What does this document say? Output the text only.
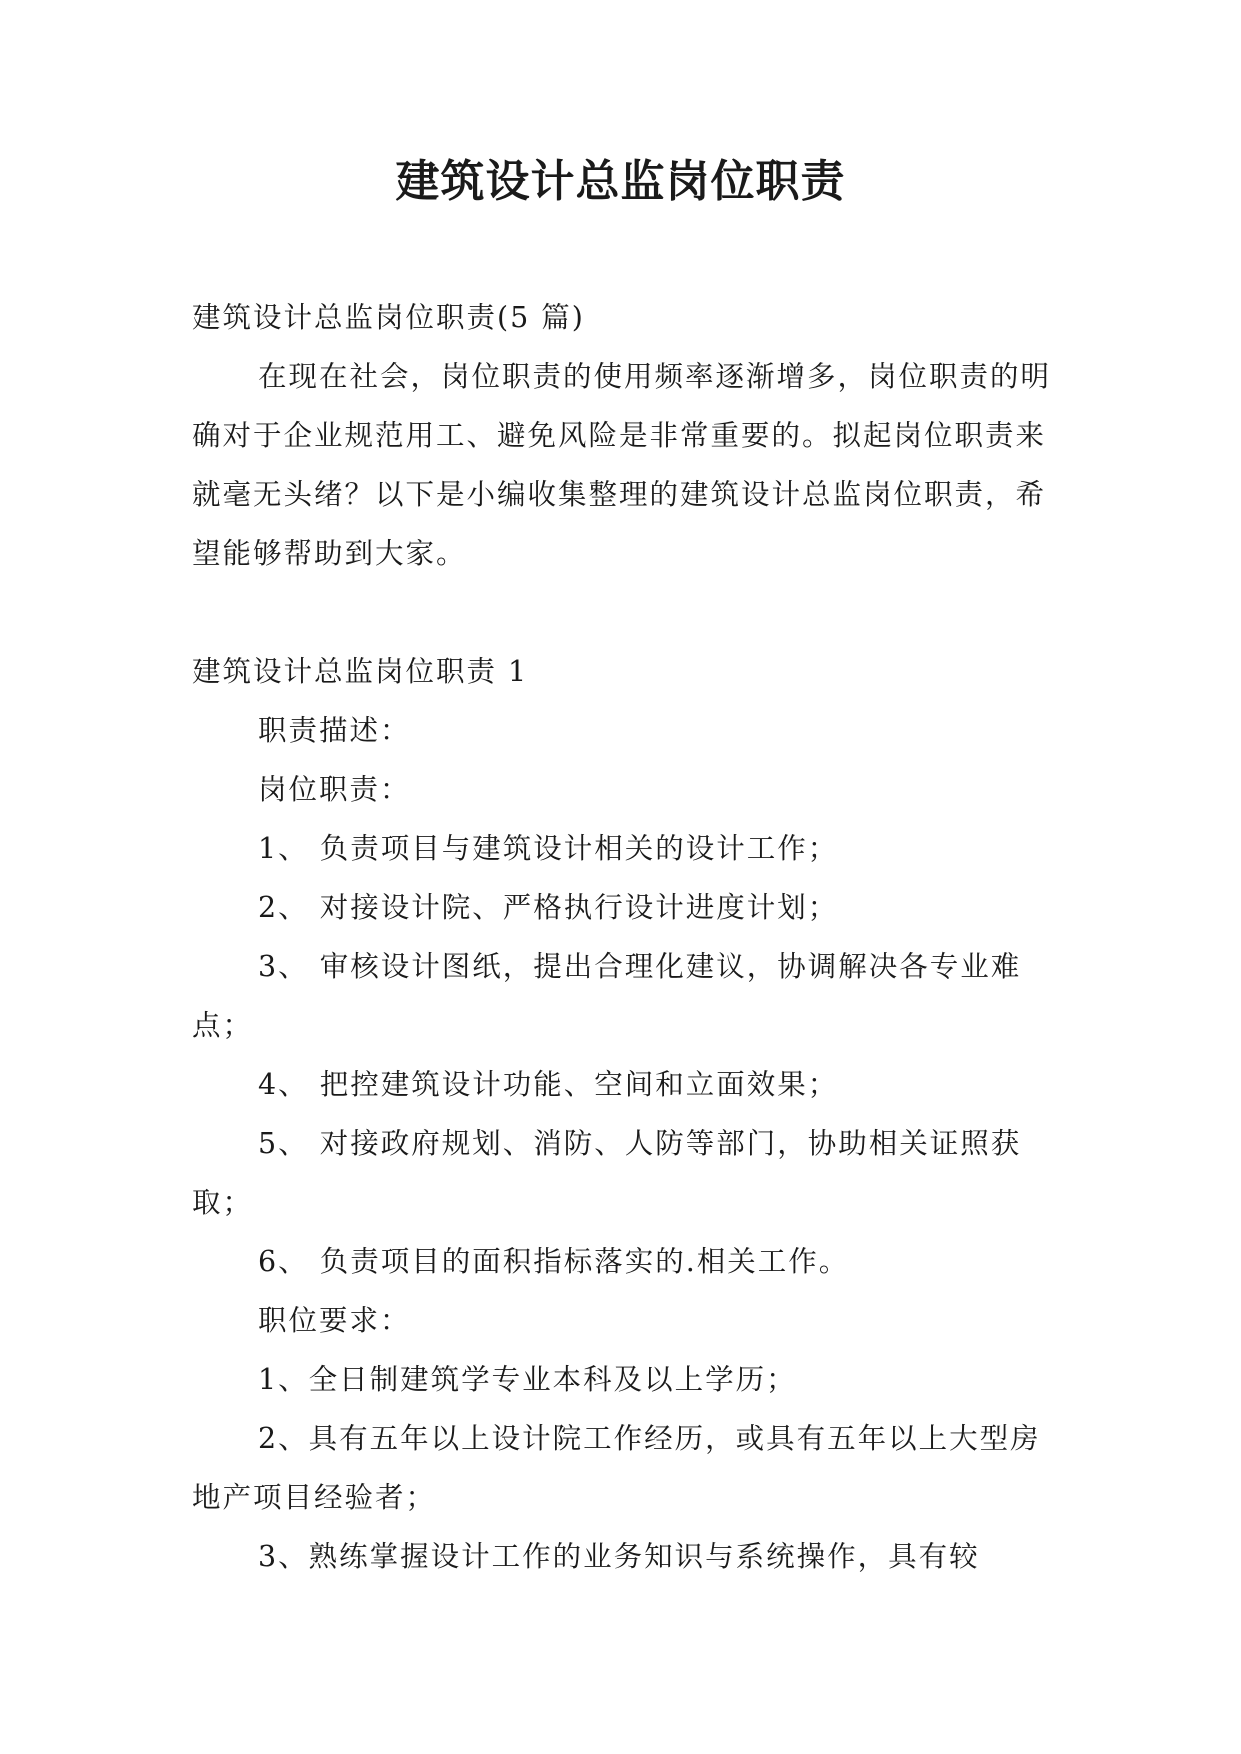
建筑设计总监岗位职责

建筑设计总监岗位职责(5 篇)

在现在社会，岗位职责的使用频率逐渐增多，岗位职责的明确对于企业规范用工、避免风险是非常重要的。拟起岗位职责来就毫无头绪？以下是小编收集整理的建筑设计总监岗位职责，希望能够帮助到大家。

建筑设计总监岗位职责 1

职责描述：

岗位职责：

1、 负责项目与建筑设计相关的设计工作；

2、 对接设计院、严格执行设计进度计划；

3、 审核设计图纸，提出合理化建议，协调解决各专业难点；

4、 把控建筑设计功能、空间和立面效果；

5、 对接政府规划、消防、人防等部门，协助相关证照获取；

6、 负责项目的面积指标落实的.相关工作。

职位要求：

1、全日制建筑学专业本科及以上学历；

2、具有五年以上设计院工作经历，或具有五年以上大型房地产项目经验者；

3、熟练掌握设计工作的业务知识与系统操作，具有较
